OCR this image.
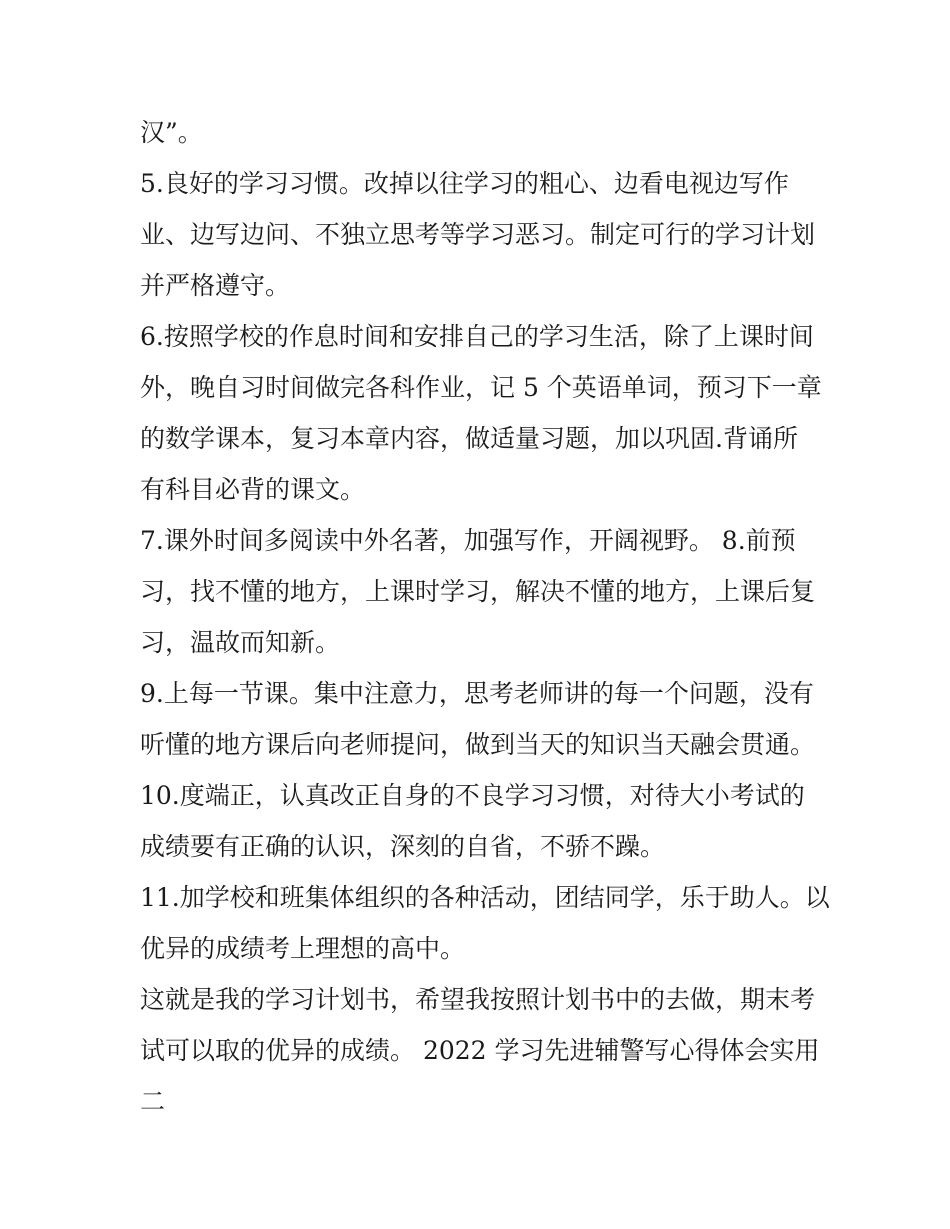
汉”。
5.良好的学习习惯。改掉以往学习的粗心、边看电视边写作
业、边写边问、不独立思考等学习恶习。制定可行的学习计划
并严格遵守。
6.按照学校的作息时间和安排自己的学习生活，除了上课时间
外，晚自习时间做完各科作业，记 5 个英语单词，预习下一章
的数学课本，复习本章内容，做适量习题，加以巩固.背诵所
有科目必背的课文。
7.课外时间多阅读中外名著，加强写作，开阔视野。 8.前预
习，找不懂的地方，上课时学习，解决不懂的地方，上课后复
习，温故而知新。
9.上每一节课。集中注意力，思考老师讲的每一个问题，没有
听懂的地方课后向老师提问，做到当天的知识当天融会贯通。
10.度端正，认真改正自身的不良学习习惯，对待大小考试的
成绩要有正确的认识，深刻的自省，不骄不躁。
11.加学校和班集体组织的各种活动，团结同学，乐于助人。以
优异的成绩考上理想的高中。
这就是我的学习计划书，希望我按照计划书中的去做，期末考
试可以取的优异的成绩。 2022 学习先进辅警写心得体会实用
二
